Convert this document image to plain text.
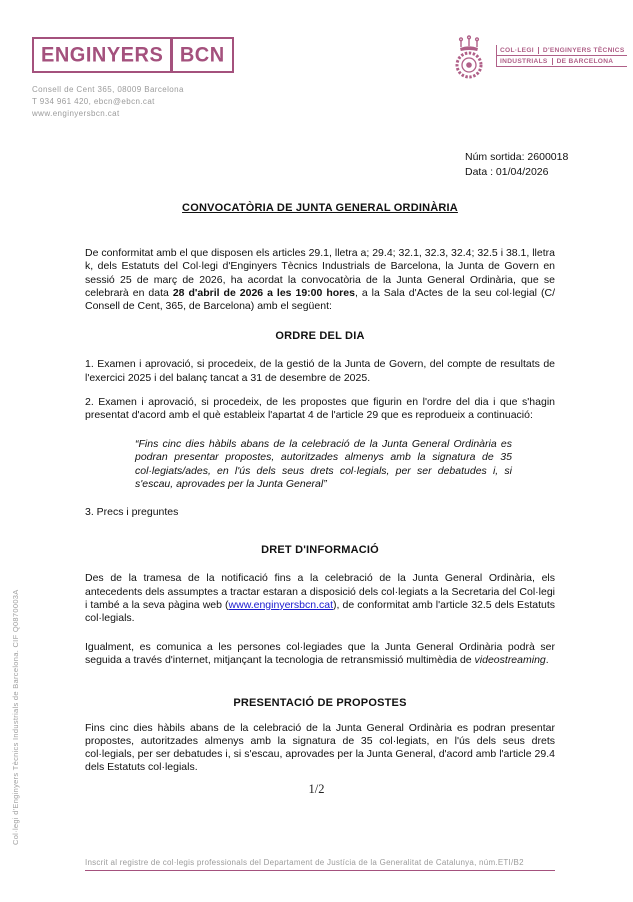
ENGINYERS BCN
Consell de Cent 365, 08009 Barcelona
T 934 961 420, ebcn@ebcn.cat
www.enginyersbcn.cat
COL·LEGI	D'ENGINYERS TÈCNICS
INDUSTRIALS	DE BARCELONA
Núm sortida: 2600018
Data : 01/04/2026
CONVOCATÒRIA DE JUNTA GENERAL ORDINÀRIA

De conformitat amb el que disposen els articles 29.1, lletra a; 29.4; 32.1, 32.3, 32.4; 32.5 i 38.1, lletra k, dels Estatuts del Col·legi d'Enginyers Tècnics Industrials de Barcelona, la Junta de Govern en sessió 25 de març de 2026, ha acordat la convocatòria de la Junta General Ordinària, que se celebrarà en data 28 d'abril de 2026 a les 19:00 hores, a la Sala d'Actes de la seu col·legial (C/ Consell de Cent, 365, de Barcelona) amb el següent:

ORDRE DEL DIA

1. Examen i aprovació, si procedeix, de la gestió de la Junta de Govern, del compte de resultats de l'exercici 2025 i del balanç tancat a 31 de desembre de 2025.

2. Examen i aprovació, si procedeix, de les propostes que figurin en l'ordre del dia i que s'hagin presentat d'acord amb el què estableix l'apartat 4 de l'article 29 que es reprodueix a continuació:

“Fins cinc dies hàbils abans de la celebració de la Junta General Ordinària es podran presentar propostes, autoritzades almenys amb la signatura de 35 col·legiats/ades, en l'ús dels seus drets col·legials, per ser debatudes i, si s'escau, aprovades per la Junta General”

3. Precs i preguntes

DRET D'INFORMACIÓ

Des de la tramesa de la notificació fins a la celebració de la Junta General Ordinària, els antecedents dels assumptes a tractar estaran a disposició dels col·legiats a la Secretaria del Col·legi i també a la seva pàgina web (www.enginyersbcn.cat), de conformitat amb l'article 32.5 dels Estatuts col·legials.

Igualment, es comunica a les persones col·legiades que la Junta General Ordinària podrà ser seguida a través d'internet, mitjançant la tecnologia de retransmissió multimèdia de videostreaming.

PRESENTACIÓ DE PROPOSTES

Fins cinc dies hàbils abans de la celebració de la Junta General Ordinària es podran presentar propostes, autoritzades almenys amb la signatura de 35 col·legiats, en l'ús dels seus drets col·legials, per ser debatudes i, si s'escau, aprovades per la Junta General, d'acord amb l'article 29.4 dels Estatuts col·legials.

1/2
Inscrit al registre de col·legis professionals del Departament de Justícia de la Generalitat de Catalunya, núm.ETI/B2
Col·legi d'Enginyers Tècnics Industrials de Barcelona. CIF Q0870003A
